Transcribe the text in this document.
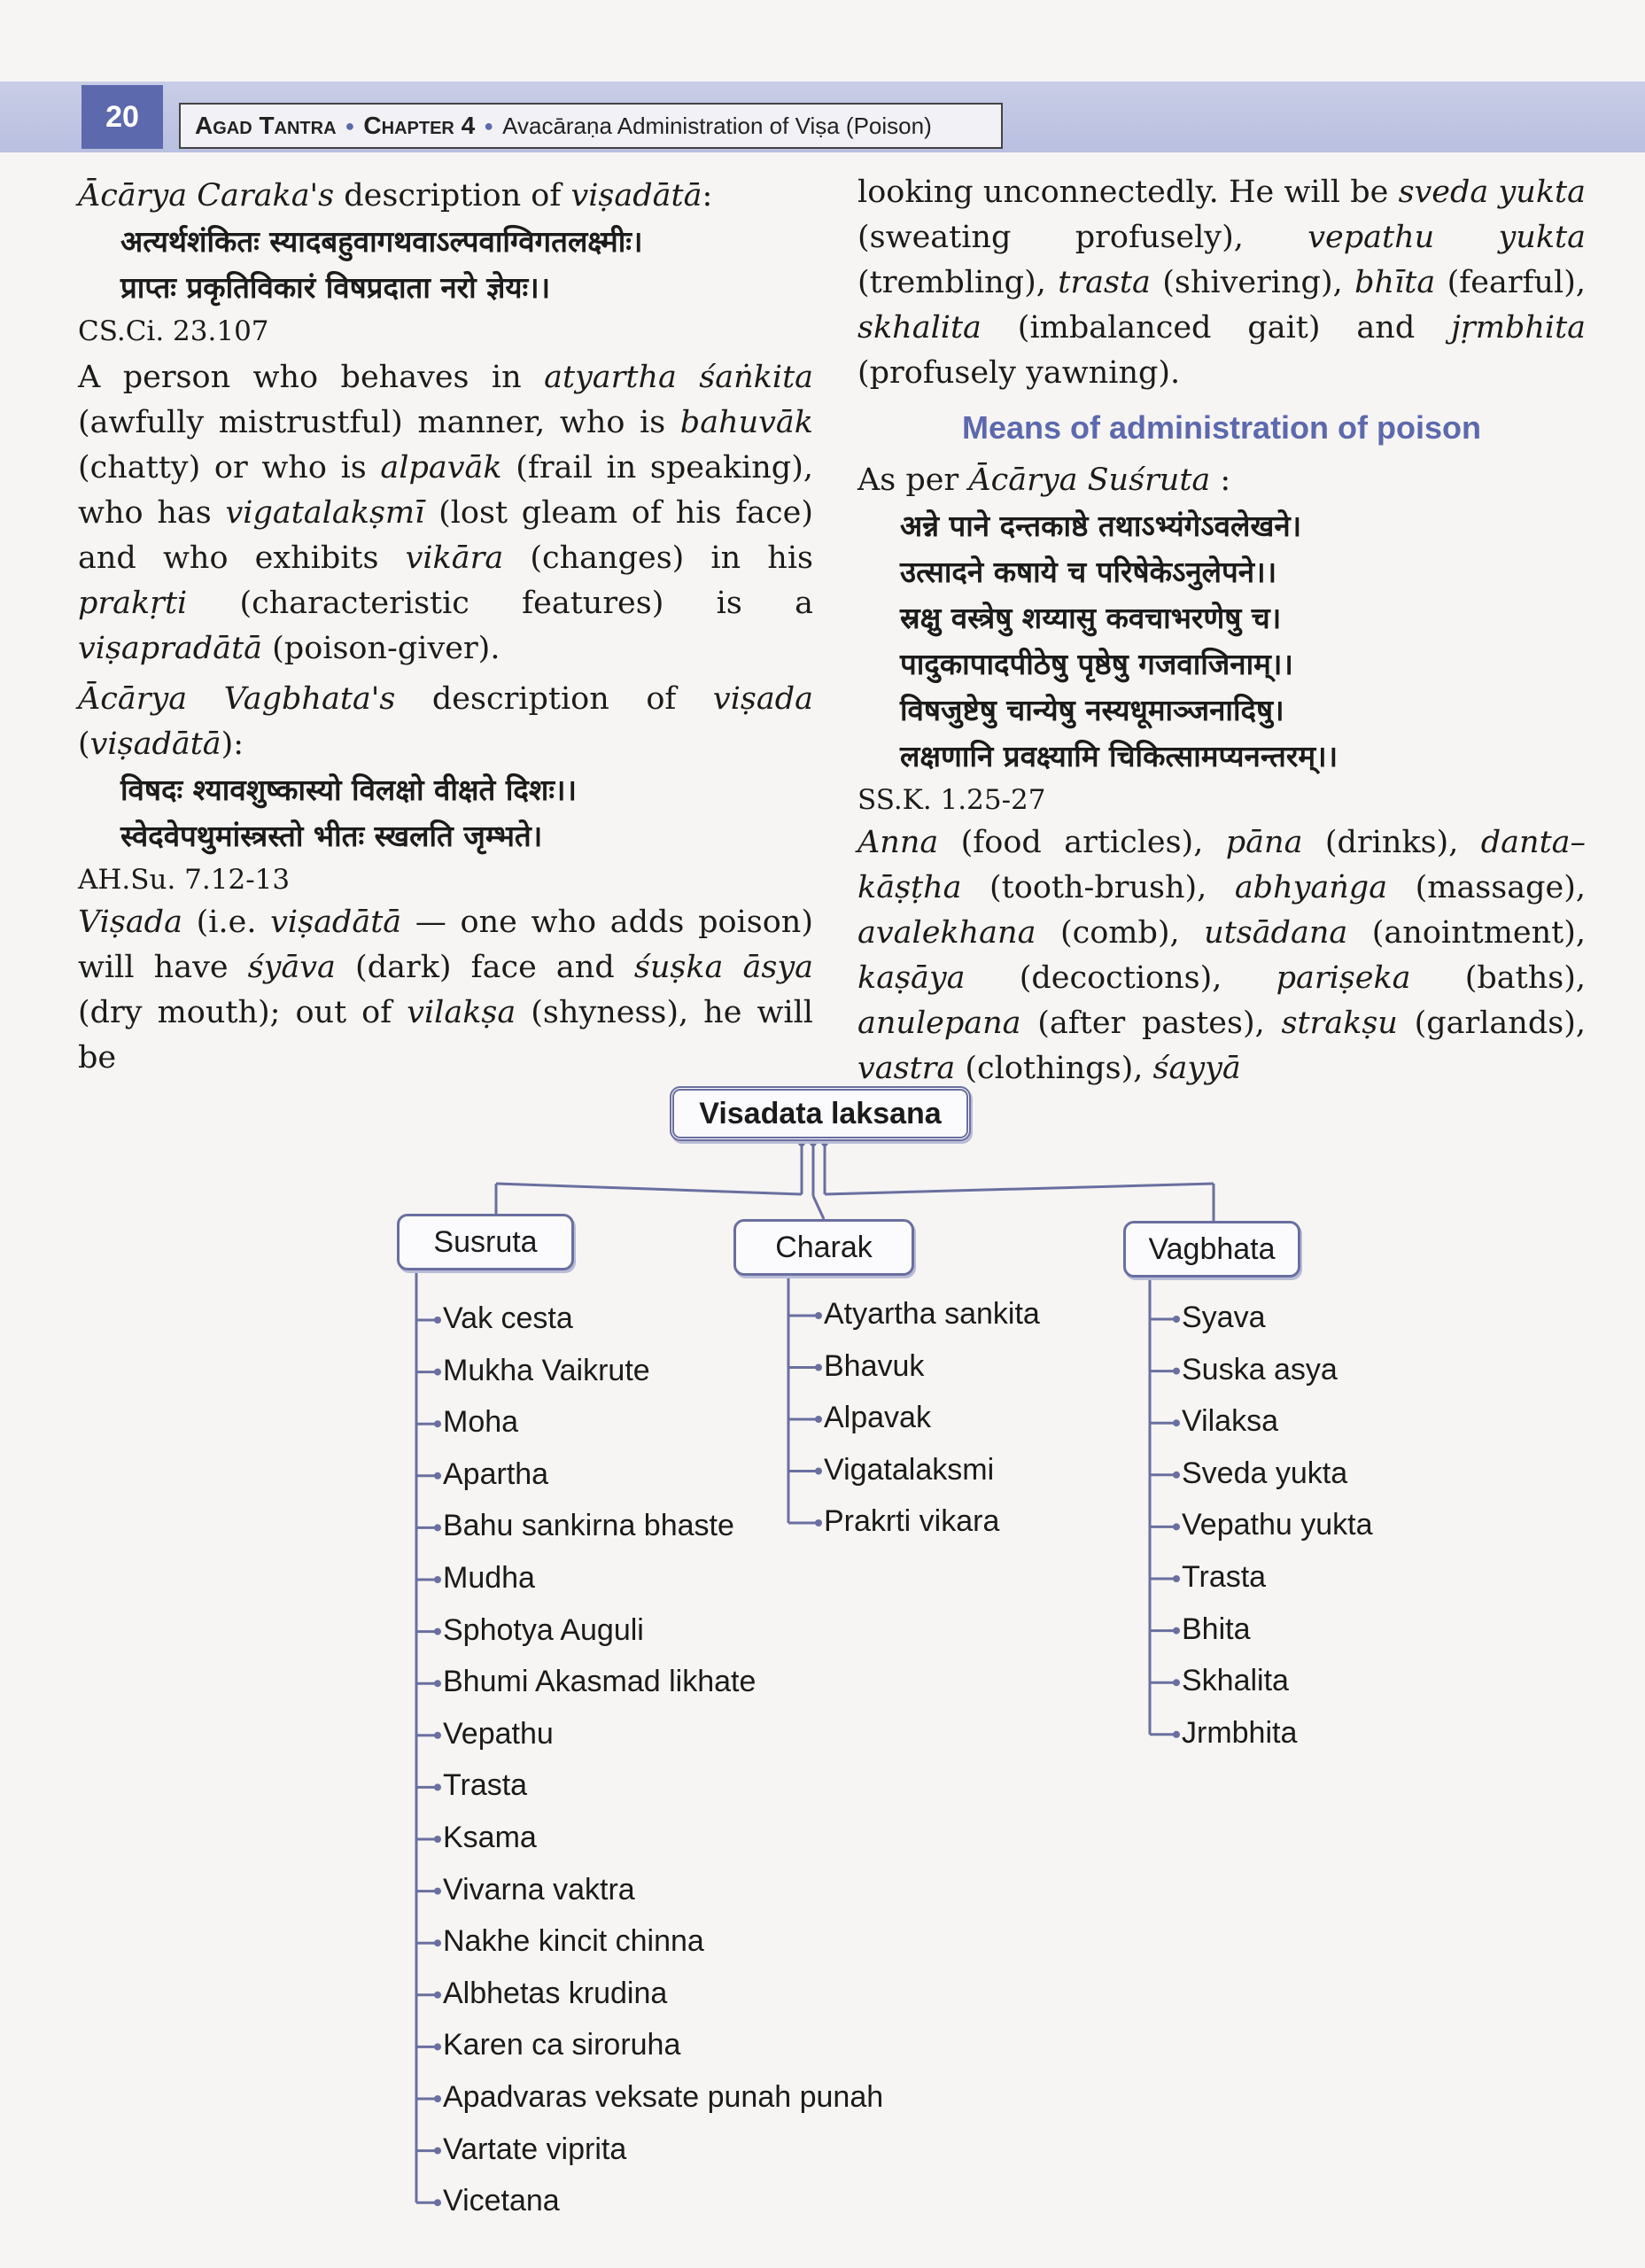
20	Agad Tantra ● Chapter 4 ● Avacāraṇa Administration of Viṣa (Poison)

Ācārya Caraka's description of viṣadātā:

अत्यर्थशंकितः स्यादबहुवागथवाऽल्पवाग्विगतलक्ष्मीः।

प्राप्तः प्रकृतिविकारं विषप्रदाता नरो ज्ञेयः।।

CS.Ci. 23.107

A person who behaves in atyartha śaṅkita (awfully mistrustful) manner, who is bahuvāk (chatty) or who is alpavāk (frail in speaking), who has vigatalakṣmī (lost gleam of his face) and who exhibits vikāra (changes) in his prakṛti (characteristic features) is a viṣapradātā (poison-giver).

Ācārya Vagbhata's description of viṣada (viṣadātā):

विषदः श्यावशुष्कास्यो विलक्षो वीक्षते दिशः।।

स्वेदवेपथुमांस्त्रस्तो भीतः स्खलति जृम्भते।

AH.Su. 7.12-13

Viṣada (i.e. viṣadātā — one who adds poison) will have śyāva (dark) face and śuṣka āsya (dry mouth); out of vilakṣa (shyness), he will be

looking unconnectedly. He will be sveda yukta (sweating profusely), vepathu yukta (trembling), trasta (shivering), bhīta (fearful), skhalita (imbalanced gait) and jṛmbhita (profusely yawning).

Means of administration of poison

As per Ācārya Suśruta :

अन्ने पाने दन्तकाष्ठे तथाऽभ्यंगेऽवलेखने।

उत्सादने कषाये च परिषेकेऽनुलेपने।।

स्रक्षु वस्त्रेषु शय्यासु कवचाभरणेषु च।

पादुकापादपीठेषु पृष्ठेषु गजवाजिनाम्।।

विषजुष्टेषु चान्येषु नस्यधूमाञ्जनादिषु।

लक्षणानि प्रवक्ष्यामि चिकित्सामप्यनन्तरम्।।

SS.K. 1.25-27

Anna (food articles), pāna (drinks), danta– kāṣṭha (tooth-brush), abhyaṅga (massage), avalekhana (comb), utsādana (anointment), kaṣāya (decoctions), pariṣeka (baths), anulepana (after pastes), strakṣu (garlands), vastra (clothings), śayyā

Visadata laksana
Susruta
Vak cesta
Mukha Vaikrute
Moha
Apartha
Bahu sankirna bhaste
Mudha
Sphotya Auguli
Bhumi Akasmad likhate
Vepathu
Trasta
Ksama
Vivarna vaktra
Nakhe kincit chinna
Albhetas krudina
Karen ca siroruha
Apadvaras veksate punah punah
Vartate viprita
Vicetana
Charak
Atyartha sankita
Bhavuk
Alpavak
Vigatalaksmi
Prakrti vikara
Vagbhata
Syava
Suska asya
Vilaksa
Sveda yukta
Vepathu yukta
Trasta
Bhita
Skhalita
Jrmbhita
